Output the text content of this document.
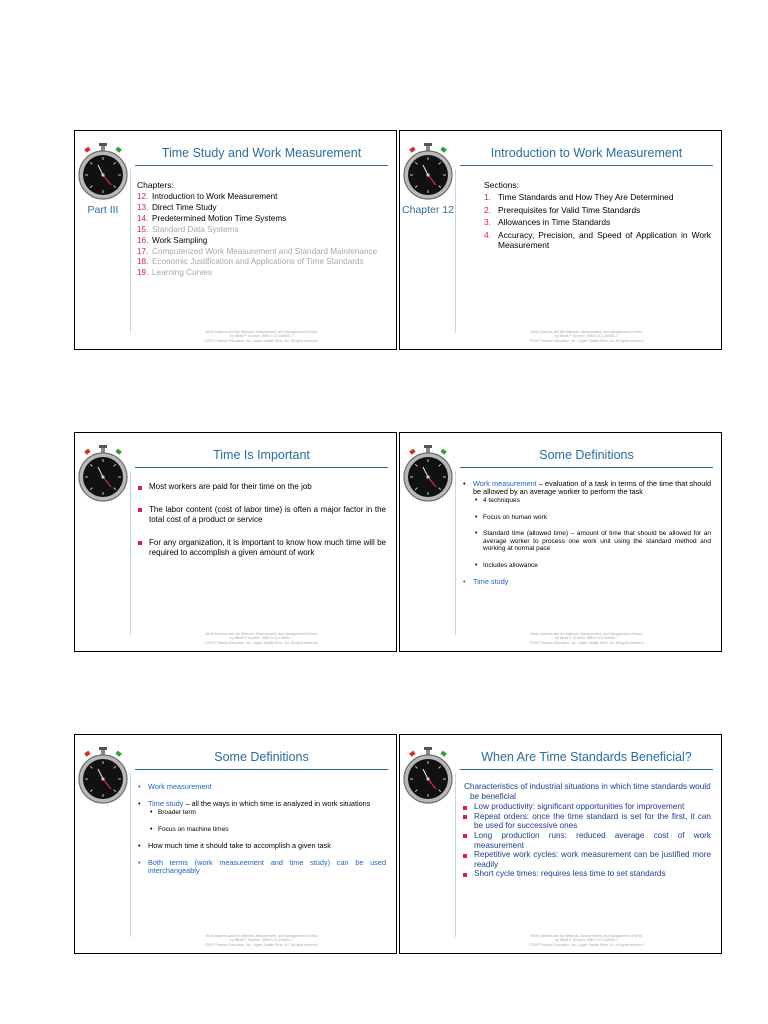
Time Study and Work Measurement
Part III
Chapters:
12. Introduction to Work Measurement
13. Direct Time Study
14. Predetermined Motion Time Systems
15. Standard Data Systems
16. Work Sampling
17. Computerized Work Measurement and Standard Maintenance
18. Economic Justification and Applications of Time Standards
19. Learning Curves
Work Systems and the Methods, Measurement, and Management of Work
by Mikell P. Groover, ISBN 0-13-140650-7
©2007 Pearson Education, Inc., Upper Saddle River, NJ. All rights reserved.
Introduction to Work Measurement
Chapter 12
Sections:
1. Time Standards and How They Are Determined
2. Prerequisites for Valid Time Standards
3. Allowances in Time Standards
4. Accuracy, Precision, and Speed of Application in Work Measurement
Work Systems and the Methods, Measurement, and Management of Work
by Mikell P. Groover, ISBN 0-13-140650-7
©2007 Pearson Education, Inc., Upper Saddle River, NJ. All rights reserved.
Time Is Important
Most workers are paid for their time on the job
The labor content (cost of labor time) is often a major factor in the total cost of a product or service
For any organization, it is important to know how much time will be required to accomplish a given amount of work
Work Systems and the Methods, Measurement, and Management of Work
by Mikell P. Groover, ISBN 0-13-140650-7
©2007 Pearson Education, Inc., Upper Saddle River, NJ. All rights reserved.
Some Definitions
• Work measurement – evaluation of a task in terms of the time that should be allowed by an average worker to perform the task
• 4 techniques
• Focus on human work
• Standard time (allowed time) – amount of time that should be allowed for an average worker to process one work unit using the standard method and working at normal pace
• Includes allowance
• Time study
Work Systems and the Methods, Measurement, and Management of Work
by Mikell P. Groover, ISBN 0-13-140650-7
©2007 Pearson Education, Inc., Upper Saddle River, NJ. All rights reserved.
Some Definitions
• Work measurement
• Time study – all the ways in which time is analyzed in work situations
• Broader term
• Focus on machine times
• How much time it should take to accomplish a given task
• Both terms (work measurement and time study) can be used interchangeably
Work Systems and the Methods, Measurement, and Management of Work
by Mikell P. Groover, ISBN 0-13-140650-7
©2007 Pearson Education, Inc., Upper Saddle River, NJ. All rights reserved.
When Are Time Standards Beneficial?
Characteristics of industrial situations in which time standards would be beneficial
Low productivity: significant opportunities for improvement
Repeat orders: once the time standard is set for the first, it can be used for successive ones
Long production runs: reduced average cost of work measurement
Repetitive work cycles: work measurement can be justified more readily
Short cycle times: requires less time to set standards
Work Systems and the Methods, Measurement, and Management of Work
by Mikell P. Groover, ISBN 0-13-140650-7
©2007 Pearson Education, Inc., Upper Saddle River, NJ. All rights reserved.
